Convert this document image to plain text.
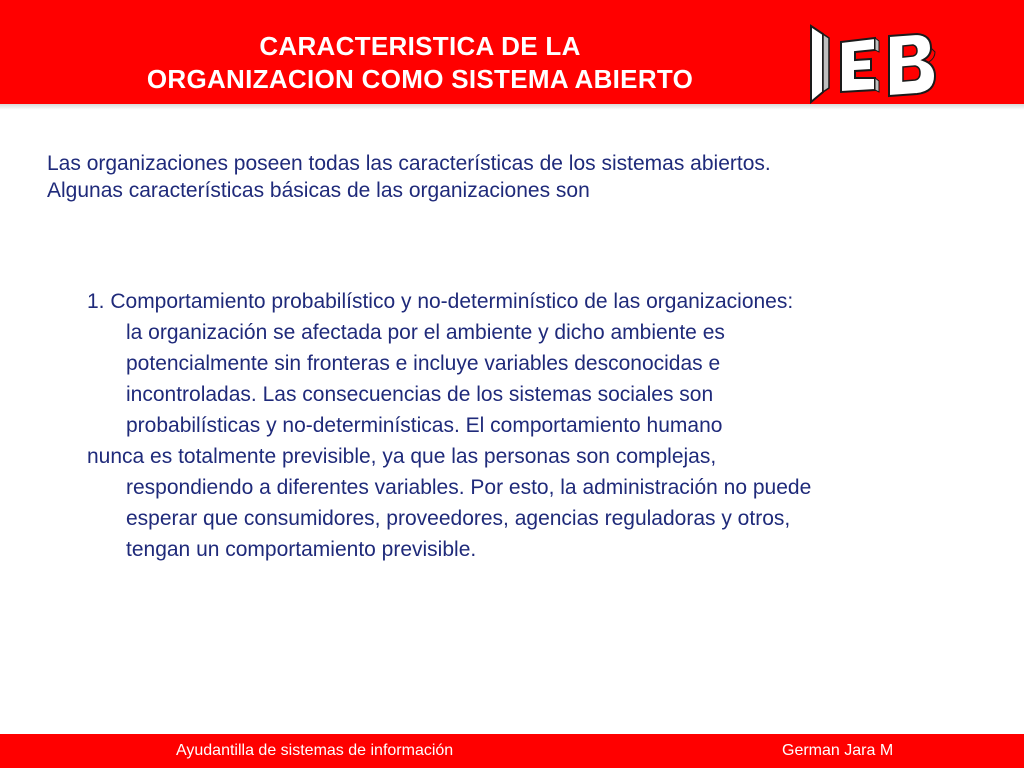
CARACTERISTICA DE LA
ORGANIZACION COMO SISTEMA ABIERTO

Las organizaciones poseen todas las características de los sistemas abiertos.
Algunas características básicas de las organizaciones son

1. Comportamiento probabilístico y no-determinístico de las organizaciones:
la organización se afectada por el ambiente y dicho ambiente es
potencialmente sin fronteras e incluye variables desconocidas e
incontroladas. Las consecuencias de los sistemas sociales son
probabilísticas y no-determinísticas. El comportamiento humano
nunca es totalmente previsible, ya que las personas son complejas,
respondiendo a diferentes variables. Por esto, la administración no puede
esperar que consumidores, proveedores, agencias reguladoras y otros,
tengan un comportamiento previsible.

Ayudantilla de sistemas de información	German Jara M
